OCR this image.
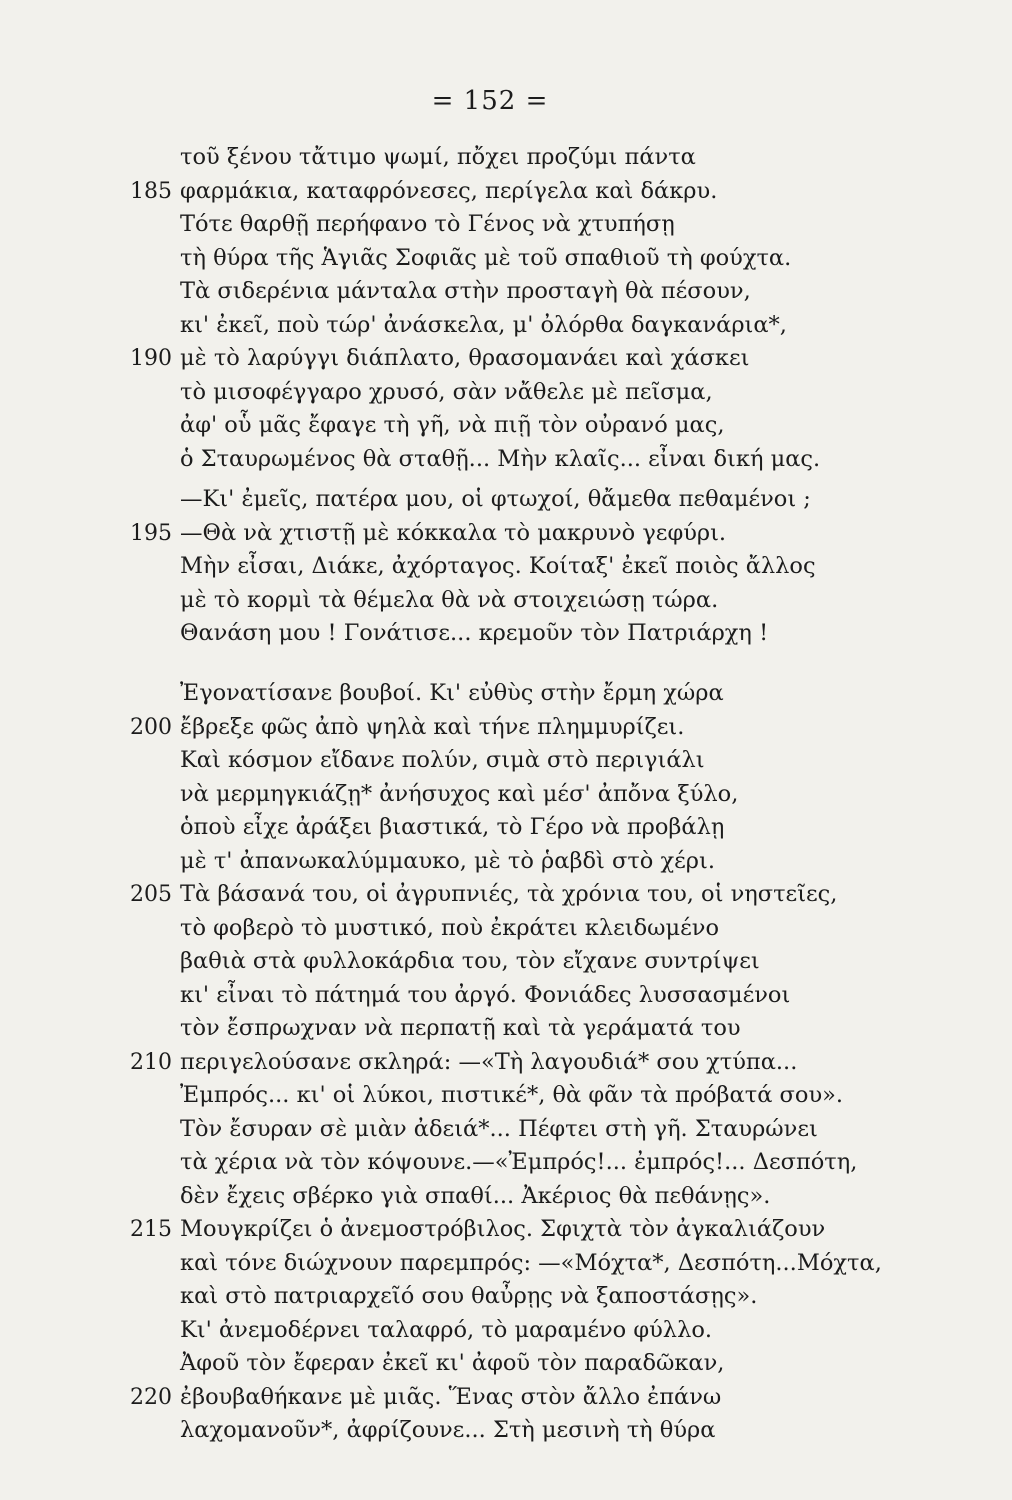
= 152 =
τοῦ ξένου τἄτιμο ψωμί, πὄχει προζύμι πάντα
185 φαρμάκια, καταφρόνεσες, περίγελα καὶ δάκρυ.
Τότε θαρθῇ περήφανο τὸ Γένος νὰ χτυπήσῃ
τὴ θύρα τῆς Ἁγιᾶς Σοφιᾶς μὲ τοῦ σπαθιοῦ τὴ φούχτα.
Τὰ σιδερένια μάνταλα στὴν προσταγὴ θὰ πέσουν,
κι' ἐκεῖ, ποὺ τώρ' ἀνάσκελα, μ' ὀλόρθα δαγκανάρια*,
190 μὲ τὸ λαρύγγι διάπλατο, θρασομανάει καὶ χάσκει
τὸ μισοφέγγαρο χρυσό, σὰν νἄθελε μὲ πεῖσμα,
ἀφ' οὗ μᾶς ἔφαγε τὴ γῆ, νὰ πιῇ τὸν οὐρανό μας,
ὁ Σταυρωμένος θὰ σταθῇ... Μὴν κλαῖς... εἶναι δική μας.
—Κι' ἐμεῖς, πατέρα μου, οἱ φτωχοί, θἄμεθα πεθαμένοι ;
195 —Θὰ νὰ χτιστῇ μὲ κόκκαλα τὸ μακρυνὸ γεφύρι.
Μὴν εἶσαι, Διάκε, ἀχόρταγος. Κοίταξ' ἐκεῖ ποιὸς ἄλλος
μὲ τὸ κορμὶ τὰ θέμελα θὰ νὰ στοιχειώσῃ τώρα.
Θανάση μου ! Γονάτισε... κρεμοῦν τὸν Πατριάρχη !
Ἐγονατίσανε βουβοί. Κι' εὐθὺς στὴν ἔρμη χώρα
200 ἔβρεξε φῶς ἀπὸ ψηλὰ καὶ τήνε πλημμυρίζει.
Καὶ κόσμον εἴδανε πολύν, σιμὰ στὸ περιγιάλι
νὰ μερμηγκιάζῃ* ἀνήσυχος καὶ μέσ' ἀπὄνα ξύλο,
ὁποὺ εἶχε ἀράξει βιαστικά, τὸ Γέρο νὰ προβάλῃ
μὲ τ' ἀπανωκαλύμμαυκο, μὲ τὸ ῥαβδὶ στὸ χέρι.
205 Τὰ βάσανά του, οἱ ἀγρυπνιές, τὰ χρόνια του, οἱ νηστεῖες,
τὸ φοβερὸ τὸ μυστικό, ποὺ ἐκράτει κλειδωμένο
βαθιὰ στὰ φυλλοκάρδια του, τὸν εἴχανε συντρίψει
κι' εἶναι τὸ πάτημά του ἀργό. Φονιάδες λυσσασμένοι
τὸν ἔσπρωχναν νὰ περπατῇ καὶ τὰ γεράματά του
210 περιγελούσανε σκληρά: —«Τὴ λαγουδιά* σου χτύπα...
Ἐμπρός... κι' οἱ λύκοι, πιστικέ*, θὰ φᾶν τὰ πρόβατά σου».
Τὸν ἔσυραν σὲ μιὰν ἀδειά*... Πέφτει στὴ γῆ. Σταυρώνει
τὰ χέρια νὰ τὸν κόψουνε.—«Ἐμπρός!... ἐμπρός!... Δεσπότη,
δὲν ἔχεις σβέρκο γιὰ σπαθί... Ἀκέριος θὰ πεθάνῃς».
215 Μουγκρίζει ὁ ἀνεμοστρόβιλος. Σφιχτὰ τὸν ἀγκαλιάζουν
καὶ τόνε διώχνουν παρεμπρός: —«Μόχτα*, Δεσπότη...Μόχτα,
καὶ στὸ πατριαρχεῖό σου θαὖρῃς νὰ ξαποστάσῃς».
Κι' ἀνεμοδέρνει ταλαφρό, τὸ μαραμένο φύλλο.
Ἀφοῦ τὸν ἔφεραν ἐκεῖ κι' ἀφοῦ τὸν παραδῶκαν,
220 ἐβουβαθήκανε μὲ μιᾶς. Ἕνας στὸν ἄλλο ἐπάνω
λαχομανοῦν*, ἀφρίζουνε... Στὴ μεσινὴ τὴ θύρα
